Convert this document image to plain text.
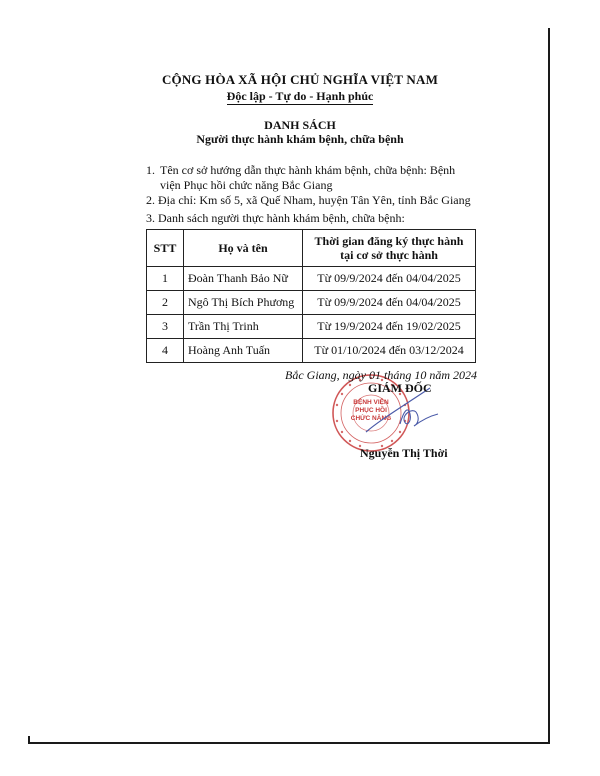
CỘNG HÒA XÃ HỘI CHỦ NGHĨA VIỆT NAM
Độc lập - Tự do - Hạnh phúc
DANH SÁCH
Người thực hành khám bệnh, chữa bệnh
1. Tên cơ sở hướng dẫn thực hành khám bệnh, chữa bệnh: Bệnh viện Phục hồi chức năng Bắc Giang
2. Địa chỉ: Km số 5, xã Quế Nham, huyện Tân Yên, tỉnh Bắc Giang
3. Danh sách người thực hành khám bệnh, chữa bệnh:
STT	Họ và tên	Thời gian đăng ký thực hành tại cơ sở thực hành
1	Đoàn Thanh Bảo Nữ	Từ 09/9/2024 đến 04/04/2025
2	Ngô Thị Bích Phương	Từ 09/9/2024 đến 04/04/2025
3	Trần Thị Trinh	Từ 19/9/2024 đến 19/02/2025
4	Hoàng Anh Tuấn	Từ 01/10/2024 đến 03/12/2024
BỆNH VIỆN
PHỤC HỒI
CHỨC NĂNG
Bắc Giang, ngày 01 tháng 10 năm 2024
GIÁM ĐỐC
Nguyễn Thị Thời
